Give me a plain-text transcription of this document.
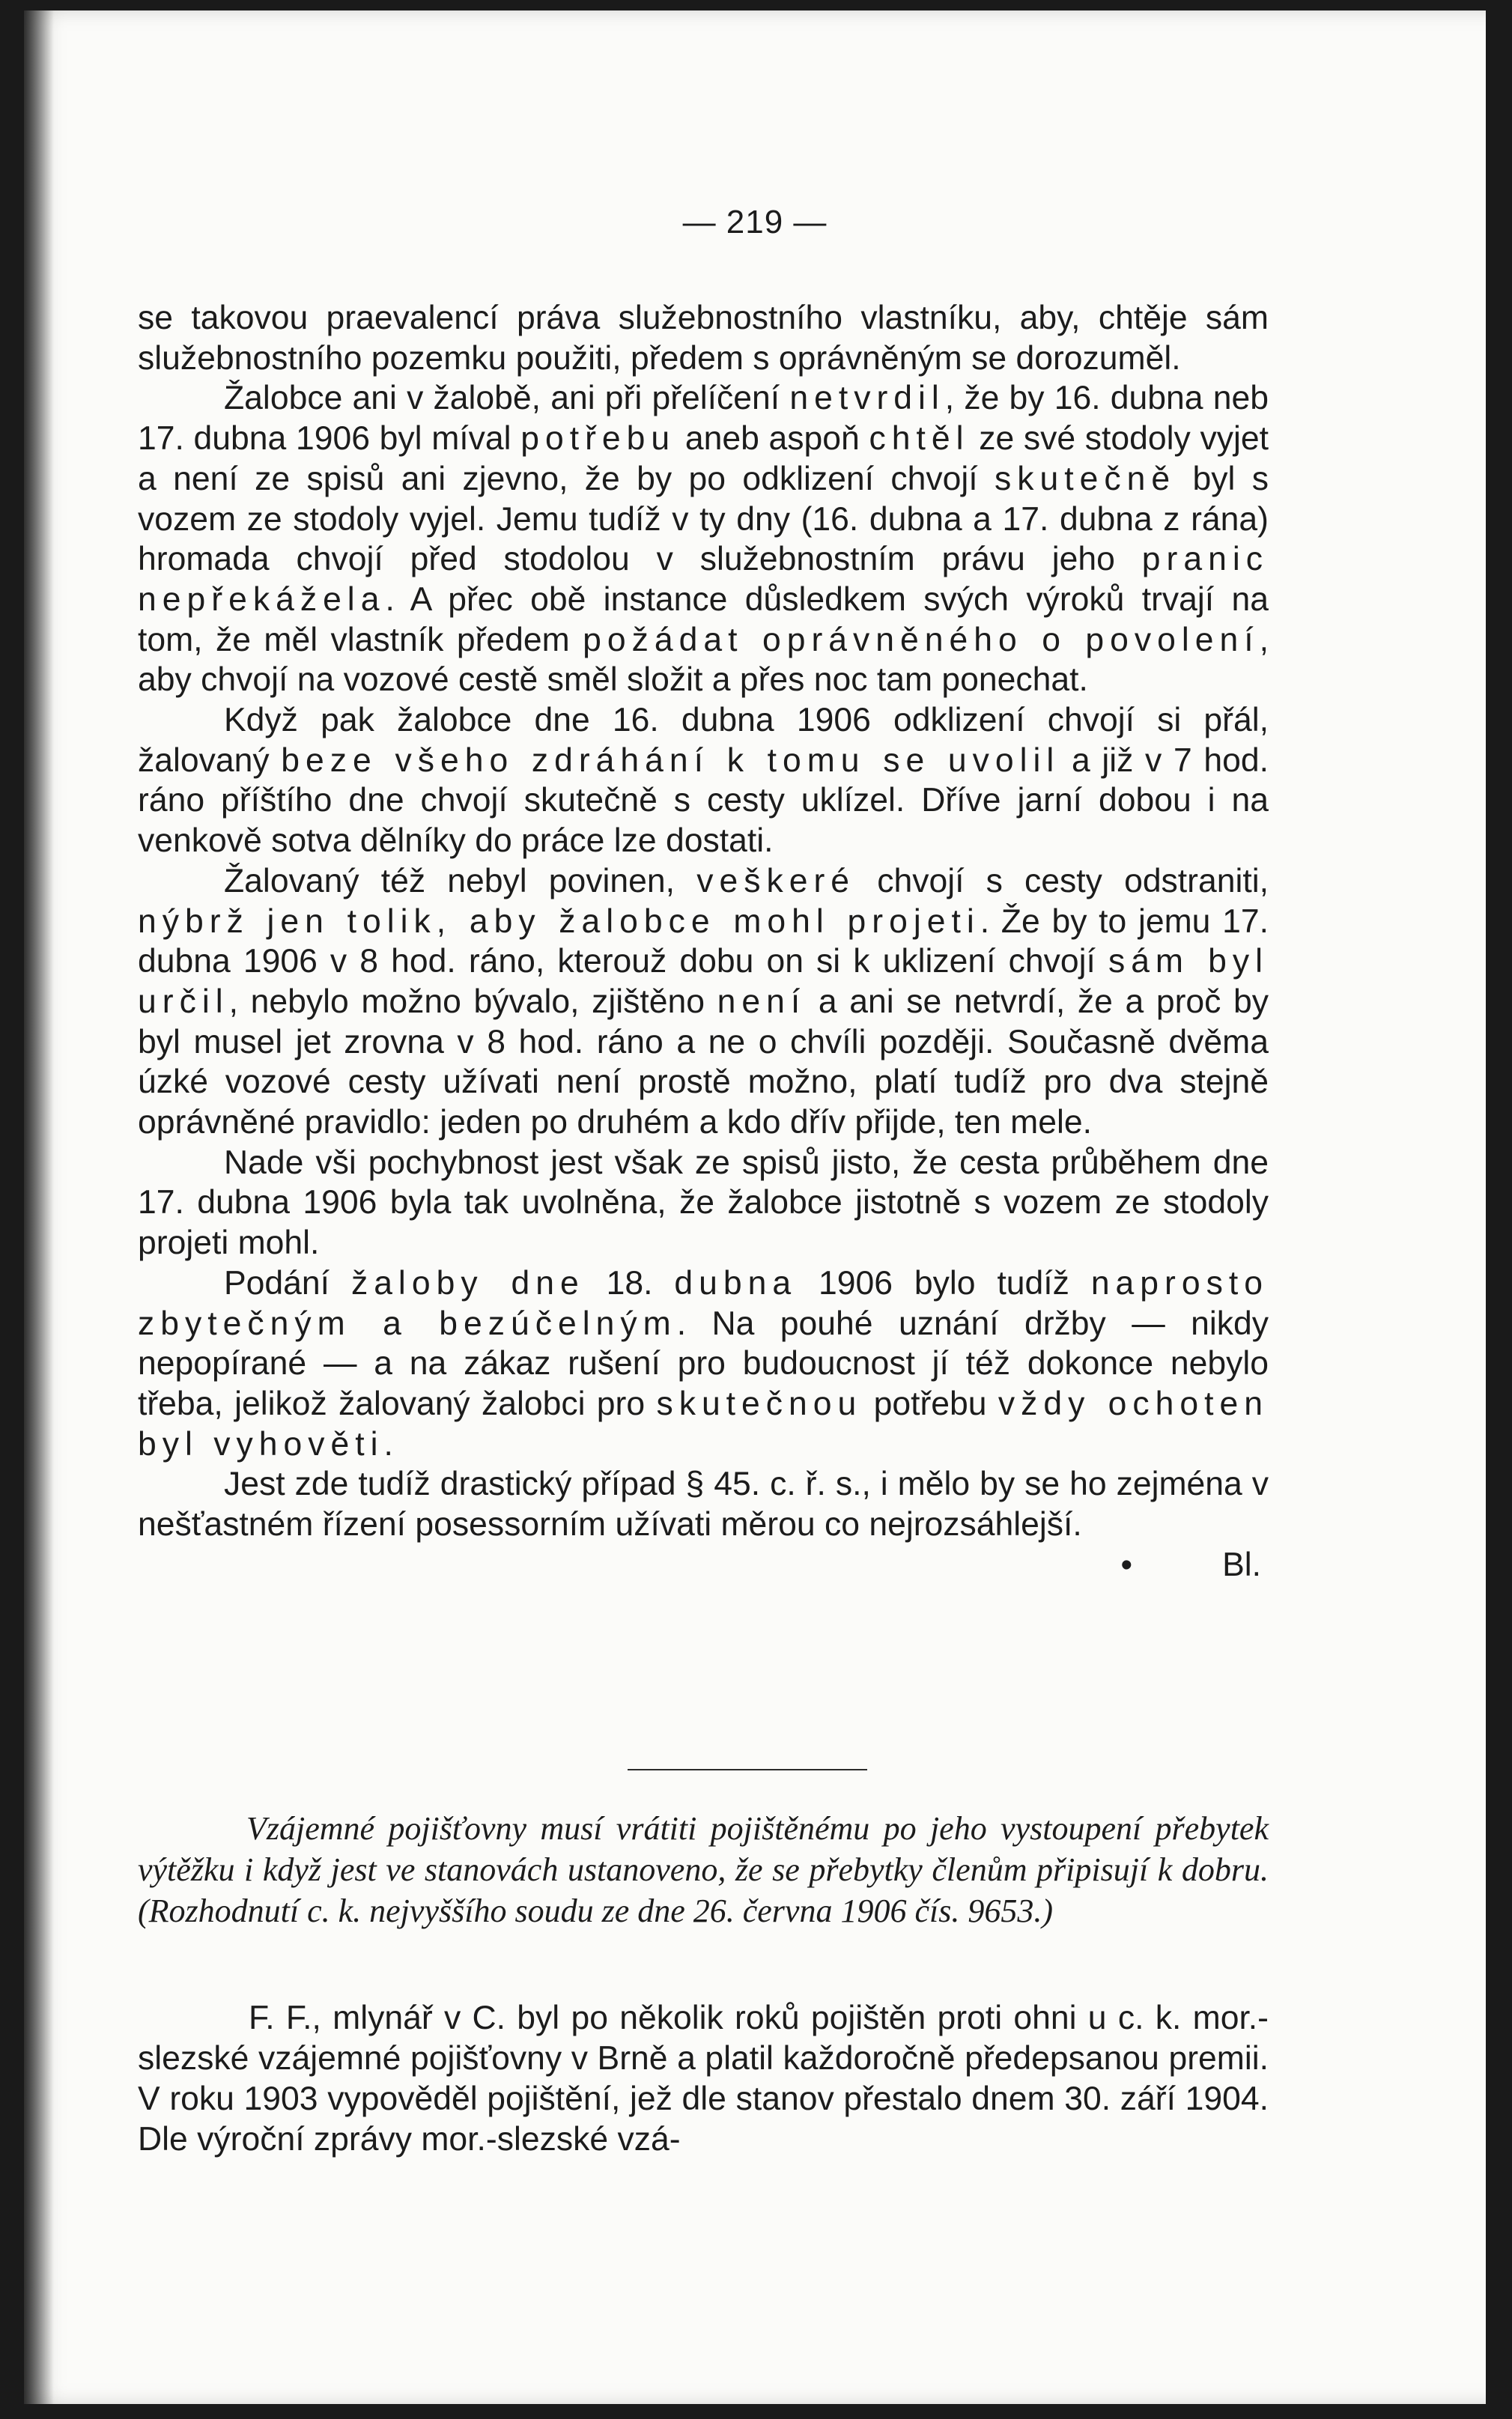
— 219 —

se takovou praevalencí práva služebnostního vlastníku, aby, chtěje sám služebnostního pozemku použiti, předem s oprávněným se dorozuměl.

Žalobce ani v žalobě, ani při přelíčení netvrdil, že by 16. dubna neb 17. dubna 1906 byl míval potřebu aneb aspoň chtěl ze své stodoly vyjet a není ze spisů ani zjevno, že by po odklizení chvojí skutečně byl s vozem ze stodoly vyjel. Jemu tudíž v ty dny (16. dubna a 17. dubna z rána) hromada chvojí před stodolou v služebnostním právu jeho pranic nepřekážela. A přec obě instance důsledkem svých výroků trvají na tom, že měl vlastník předem požádat oprávněného o povolení, aby chvojí na vozové cestě směl složit a přes noc tam ponechat.

Když pak žalobce dne 16. dubna 1906 odklizení chvojí si přál, žalovaný beze všeho zdráhání k tomu se uvolil a již v 7 hod. ráno příštího dne chvojí skutečně s cesty uklízel. Dříve jarní dobou i na venkově sotva dělníky do práce lze dostati.

Žalovaný též nebyl povinen, veškeré chvojí s cesty odstraniti, nýbrž jen tolik, aby žalobce mohl projeti. Že by to jemu 17. dubna 1906 v 8 hod. ráno, kterouž dobu on si k uklizení chvojí sám byl určil, nebylo možno bývalo, zjištěno není a ani se netvrdí, že a proč by byl musel jet zrovna v 8 hod. ráno a ne o chvíli později. Současně dvěma úzké vozové cesty užívati není prostě možno, platí tudíž pro dva stejně oprávněné pravidlo: jeden po druhém a kdo dřív přijde, ten mele.

Nade vši pochybnost jest však ze spisů jisto, že cesta průběhem dne 17. dubna 1906 byla tak uvolněna, že žalobce jistotně s vozem ze stodoly projeti mohl.

Podání žaloby dne 18. dubna 1906 bylo tudíž naprosto zbytečným a bezúčelným. Na pouhé uznání držby — nikdy nepopírané — a na zákaz rušení pro budoucnost jí též dokonce nebylo třeba, jelikož žalovaný žalobci pro skutečnou potřebu vždy ochoten byl vyhověti.

Jest zde tudíž drastický případ § 45. c. ř. s., i mělo by se ho zejména v nešťastném řízení posessorním užívati měrou co nejrozsáhlejší.

•	Bl.

Vzájemné pojišťovny musí vrátiti pojištěnému po jeho vystoupení přebytek výtěžku i když jest ve stanovách ustanoveno, že se přebytky členům připisují k dobru. (Rozhodnutí c. k. nejvyššího soudu ze dne 26. června 1906 čís. 9653.)

F. F., mlynář v C. byl po několik roků pojištěn proti ohni u c. k. mor.-slezské vzájemné pojišťovny v Brně a platil každoročně předepsanou premii. V roku 1903 vypověděl pojištění, jež dle stanov přestalo dnem 30. září 1904. Dle výroční zprávy mor.-slezské vzá-
